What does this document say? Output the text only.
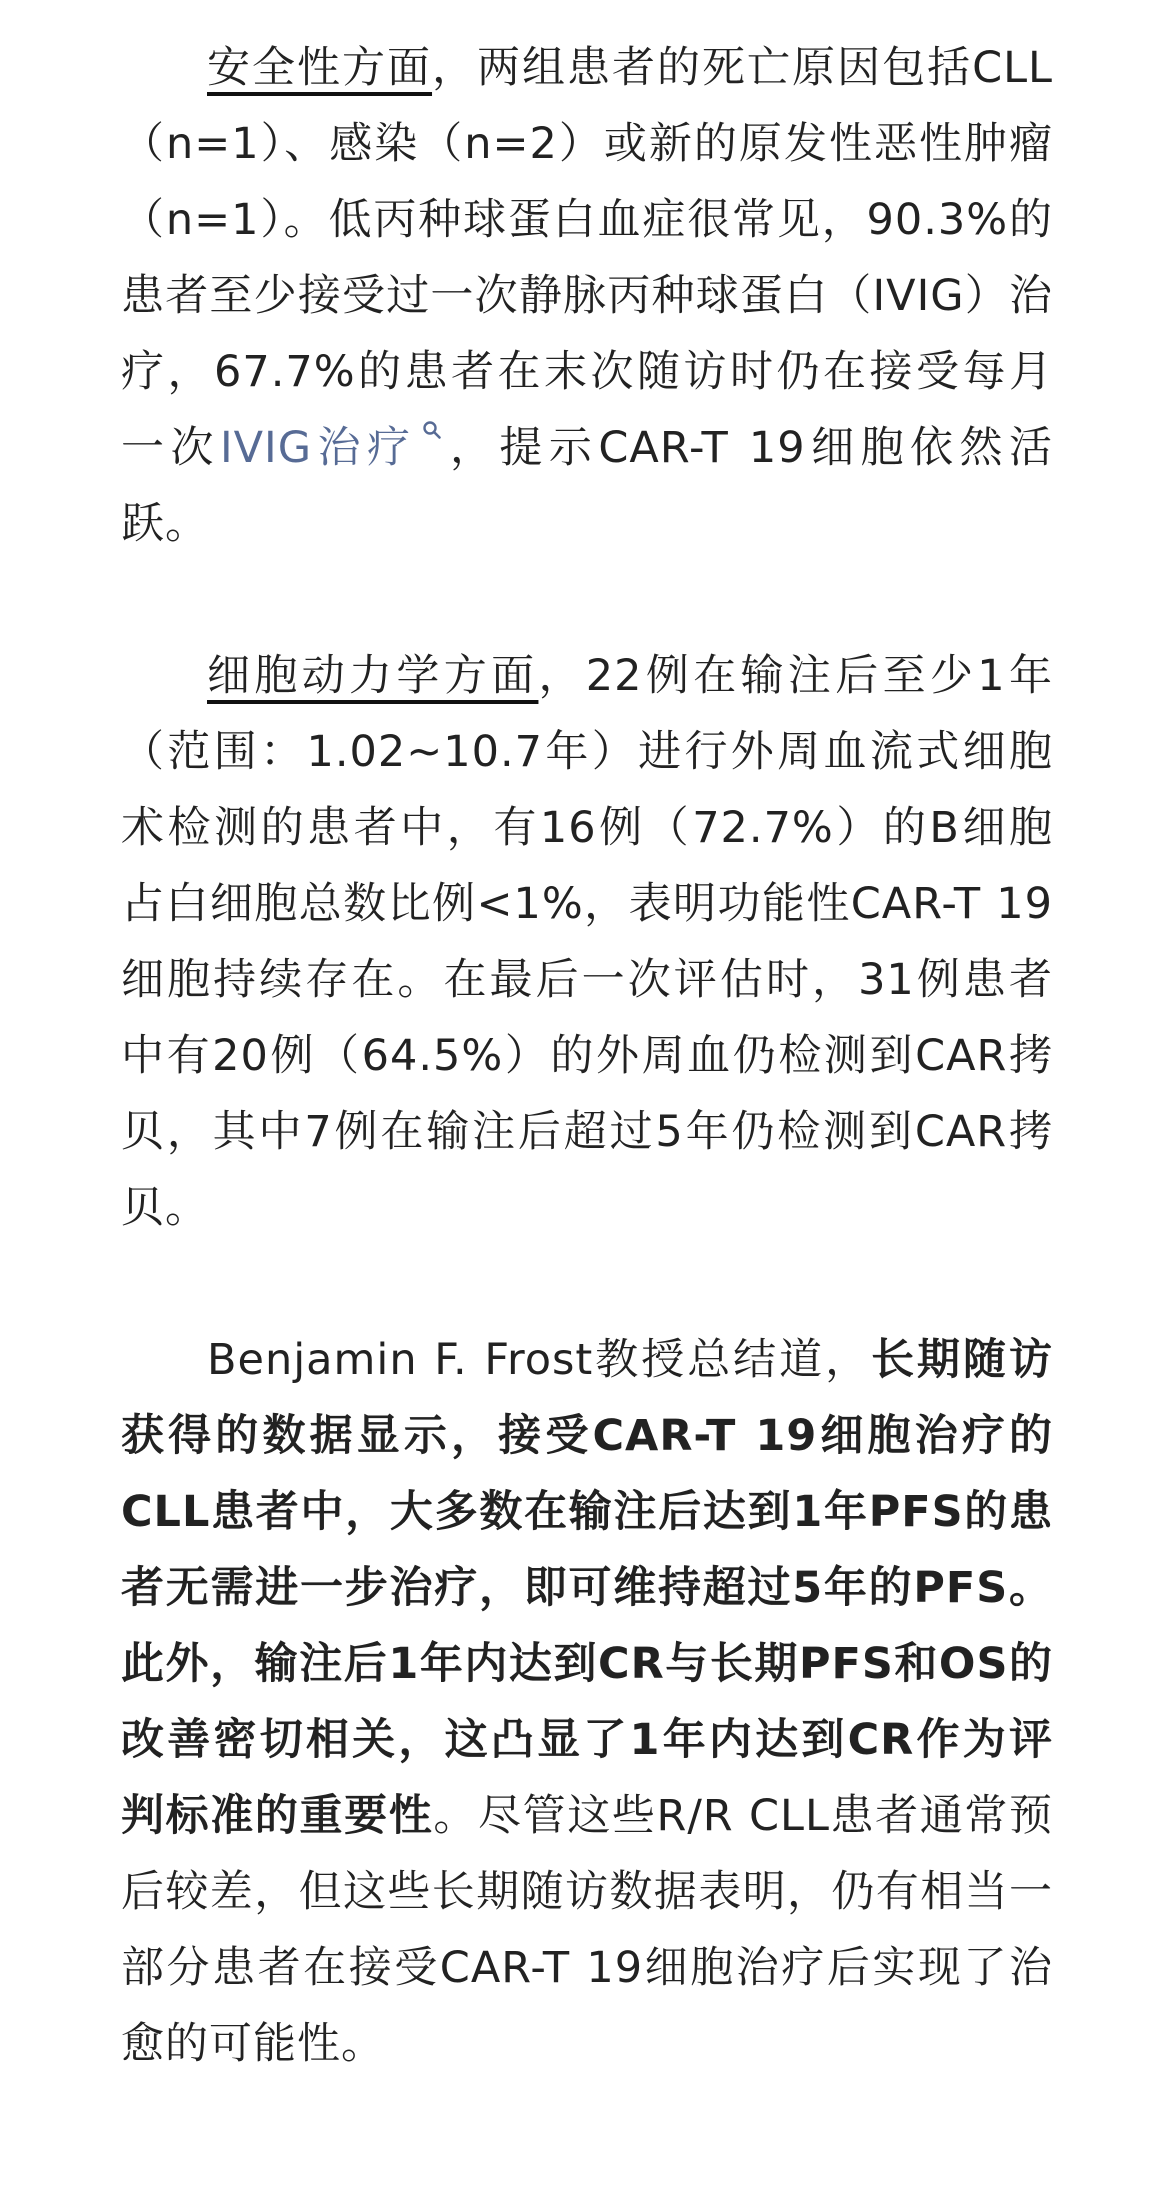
安全性方面，两组患者的死亡原因包括CLL（n=1）、感染（n=2）或新的原发性恶性肿瘤（n=1）。低丙种球蛋白血症很常见，90.3%的患者至少接受过一次静脉丙种球蛋白（IVIG）治疗，67.7%的患者在末次随访时仍在接受每月一次IVIG治疗 ，提示CAR-T 19细胞依然活跃。

细胞动力学方面，22例在输注后至少1年（范围：1.02~10.7年）进行外周血流式细胞术检测的患者中，有16例（72.7%）的B细胞占白细胞总数比例<1%，表明功能性CAR-T 19细胞持续存在。在最后一次评估时，31例患者中有20例（64.5%）的外周血仍检测到CAR拷贝，其中7例在输注后超过5年仍检测到CAR拷贝。

Benjamin F. Frost教授总结道，长期随访获得的数据显示，接受CAR-T 19细胞治疗的CLL患者中，大多数在输注后达到1年PFS的患者无需进一步治疗，即可维持超过5年的PFS。此外，输注后1年内达到CR与长期PFS和OS的改善密切相关，这凸显了1年内达到CR作为评判标准的重要性。尽管这些R/R CLL患者通常预后较差，但这些长期随访数据表明，仍有相当一部分患者在接受CAR-T 19细胞治疗后实现了治愈的可能性。
